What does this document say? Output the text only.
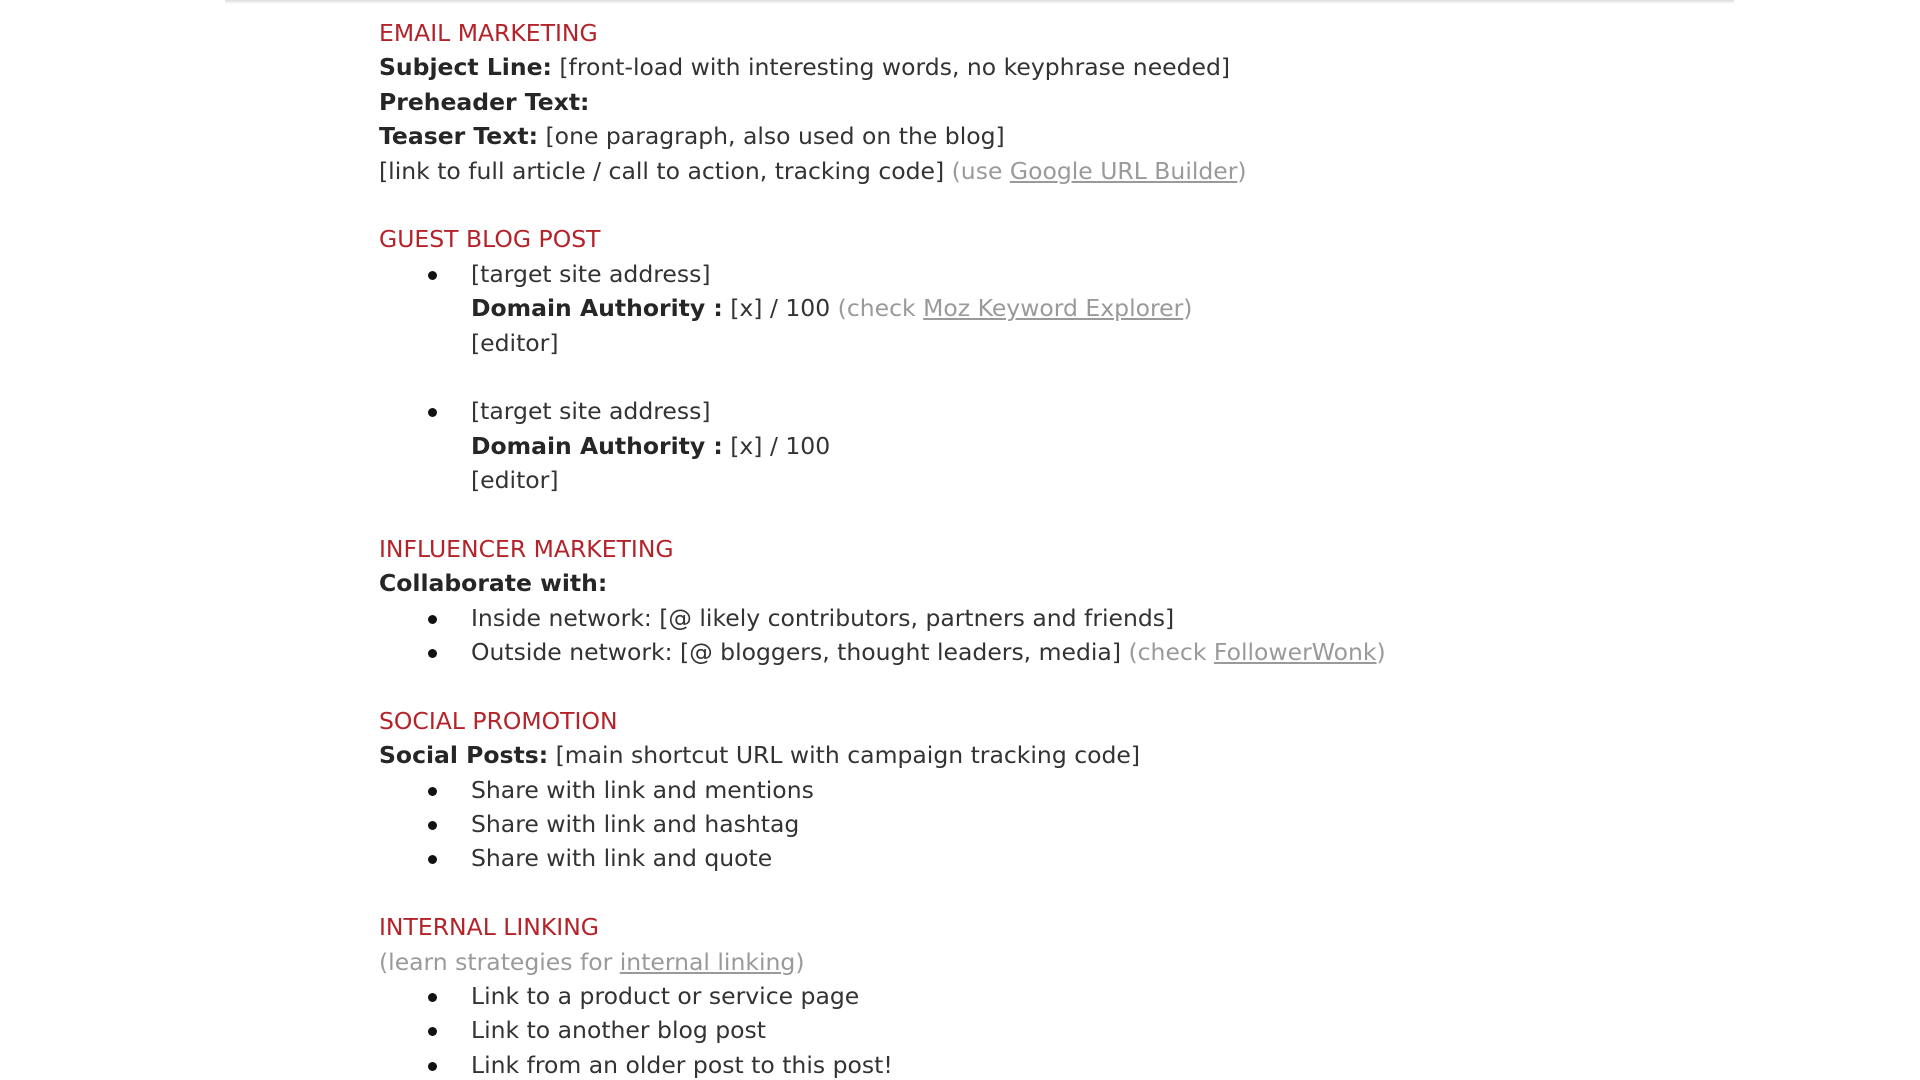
EMAIL MARKETING
Subject Line: [front-load with interesting words, no keyphrase needed]
Preheader Text:
Teaser Text: [one paragraph, also used on the blog]
[link to full article / call to action, tracking code] (use Google URL Builder)
GUEST BLOG POST
[target site address]
Domain Authority : [x] / 100 (check Moz Keyword Explorer)
[editor]
[target site address]
Domain Authority : [x] / 100
[editor]
INFLUENCER MARKETING
Collaborate with:
Inside network: [@ likely contributors, partners and friends]
Outside network: [@ bloggers, thought leaders, media] (check FollowerWonk)
SOCIAL PROMOTION
Social Posts: [main shortcut URL with campaign tracking code]
Share with link and mentions
Share with link and hashtag
Share with link and quote
INTERNAL LINKING
(learn strategies for internal linking)
Link to a product or service page
Link to another blog post
Link from an older post to this post!
